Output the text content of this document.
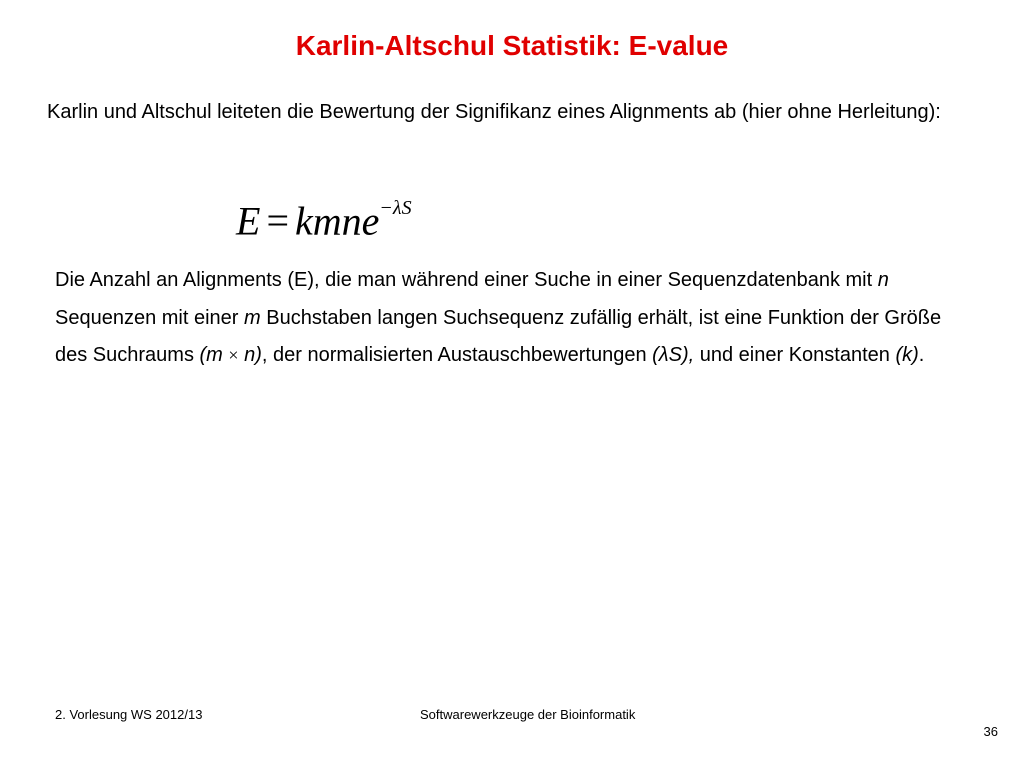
Karlin-Altschul Statistik: E-value
Karlin und Altschul leiteten die Bewertung der Signifikanz eines Alignments ab (hier ohne Herleitung):
E = kmne$^{-\lambda S}$
Die Anzahl an Alignments (E), die man während einer Suche in einer Sequenzdatenbank mit n Sequenzen mit einer m Buchstaben langen Suchsequenz zufällig erhält, ist eine Funktion der Größe des Suchraums (m × n), der normalisierten Austauschbewertungen (λS), und einer Konstanten (k).
2. Vorlesung WS 2012/13	Softwarewerkzeuge der Bioinformatik
36
